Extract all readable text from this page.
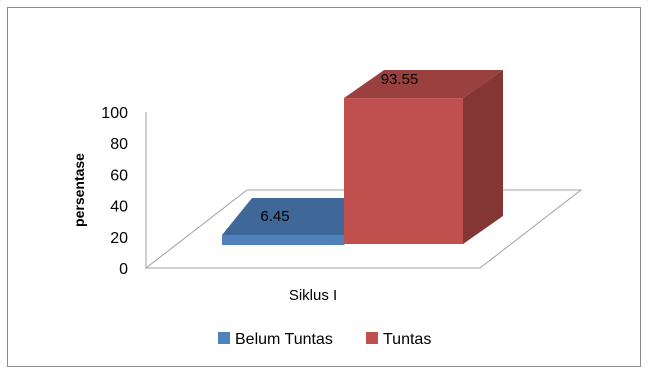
0
20
40
60
80
100
persentase	6.45
93.55
Siklus I
Belum Tuntas	Tuntas
